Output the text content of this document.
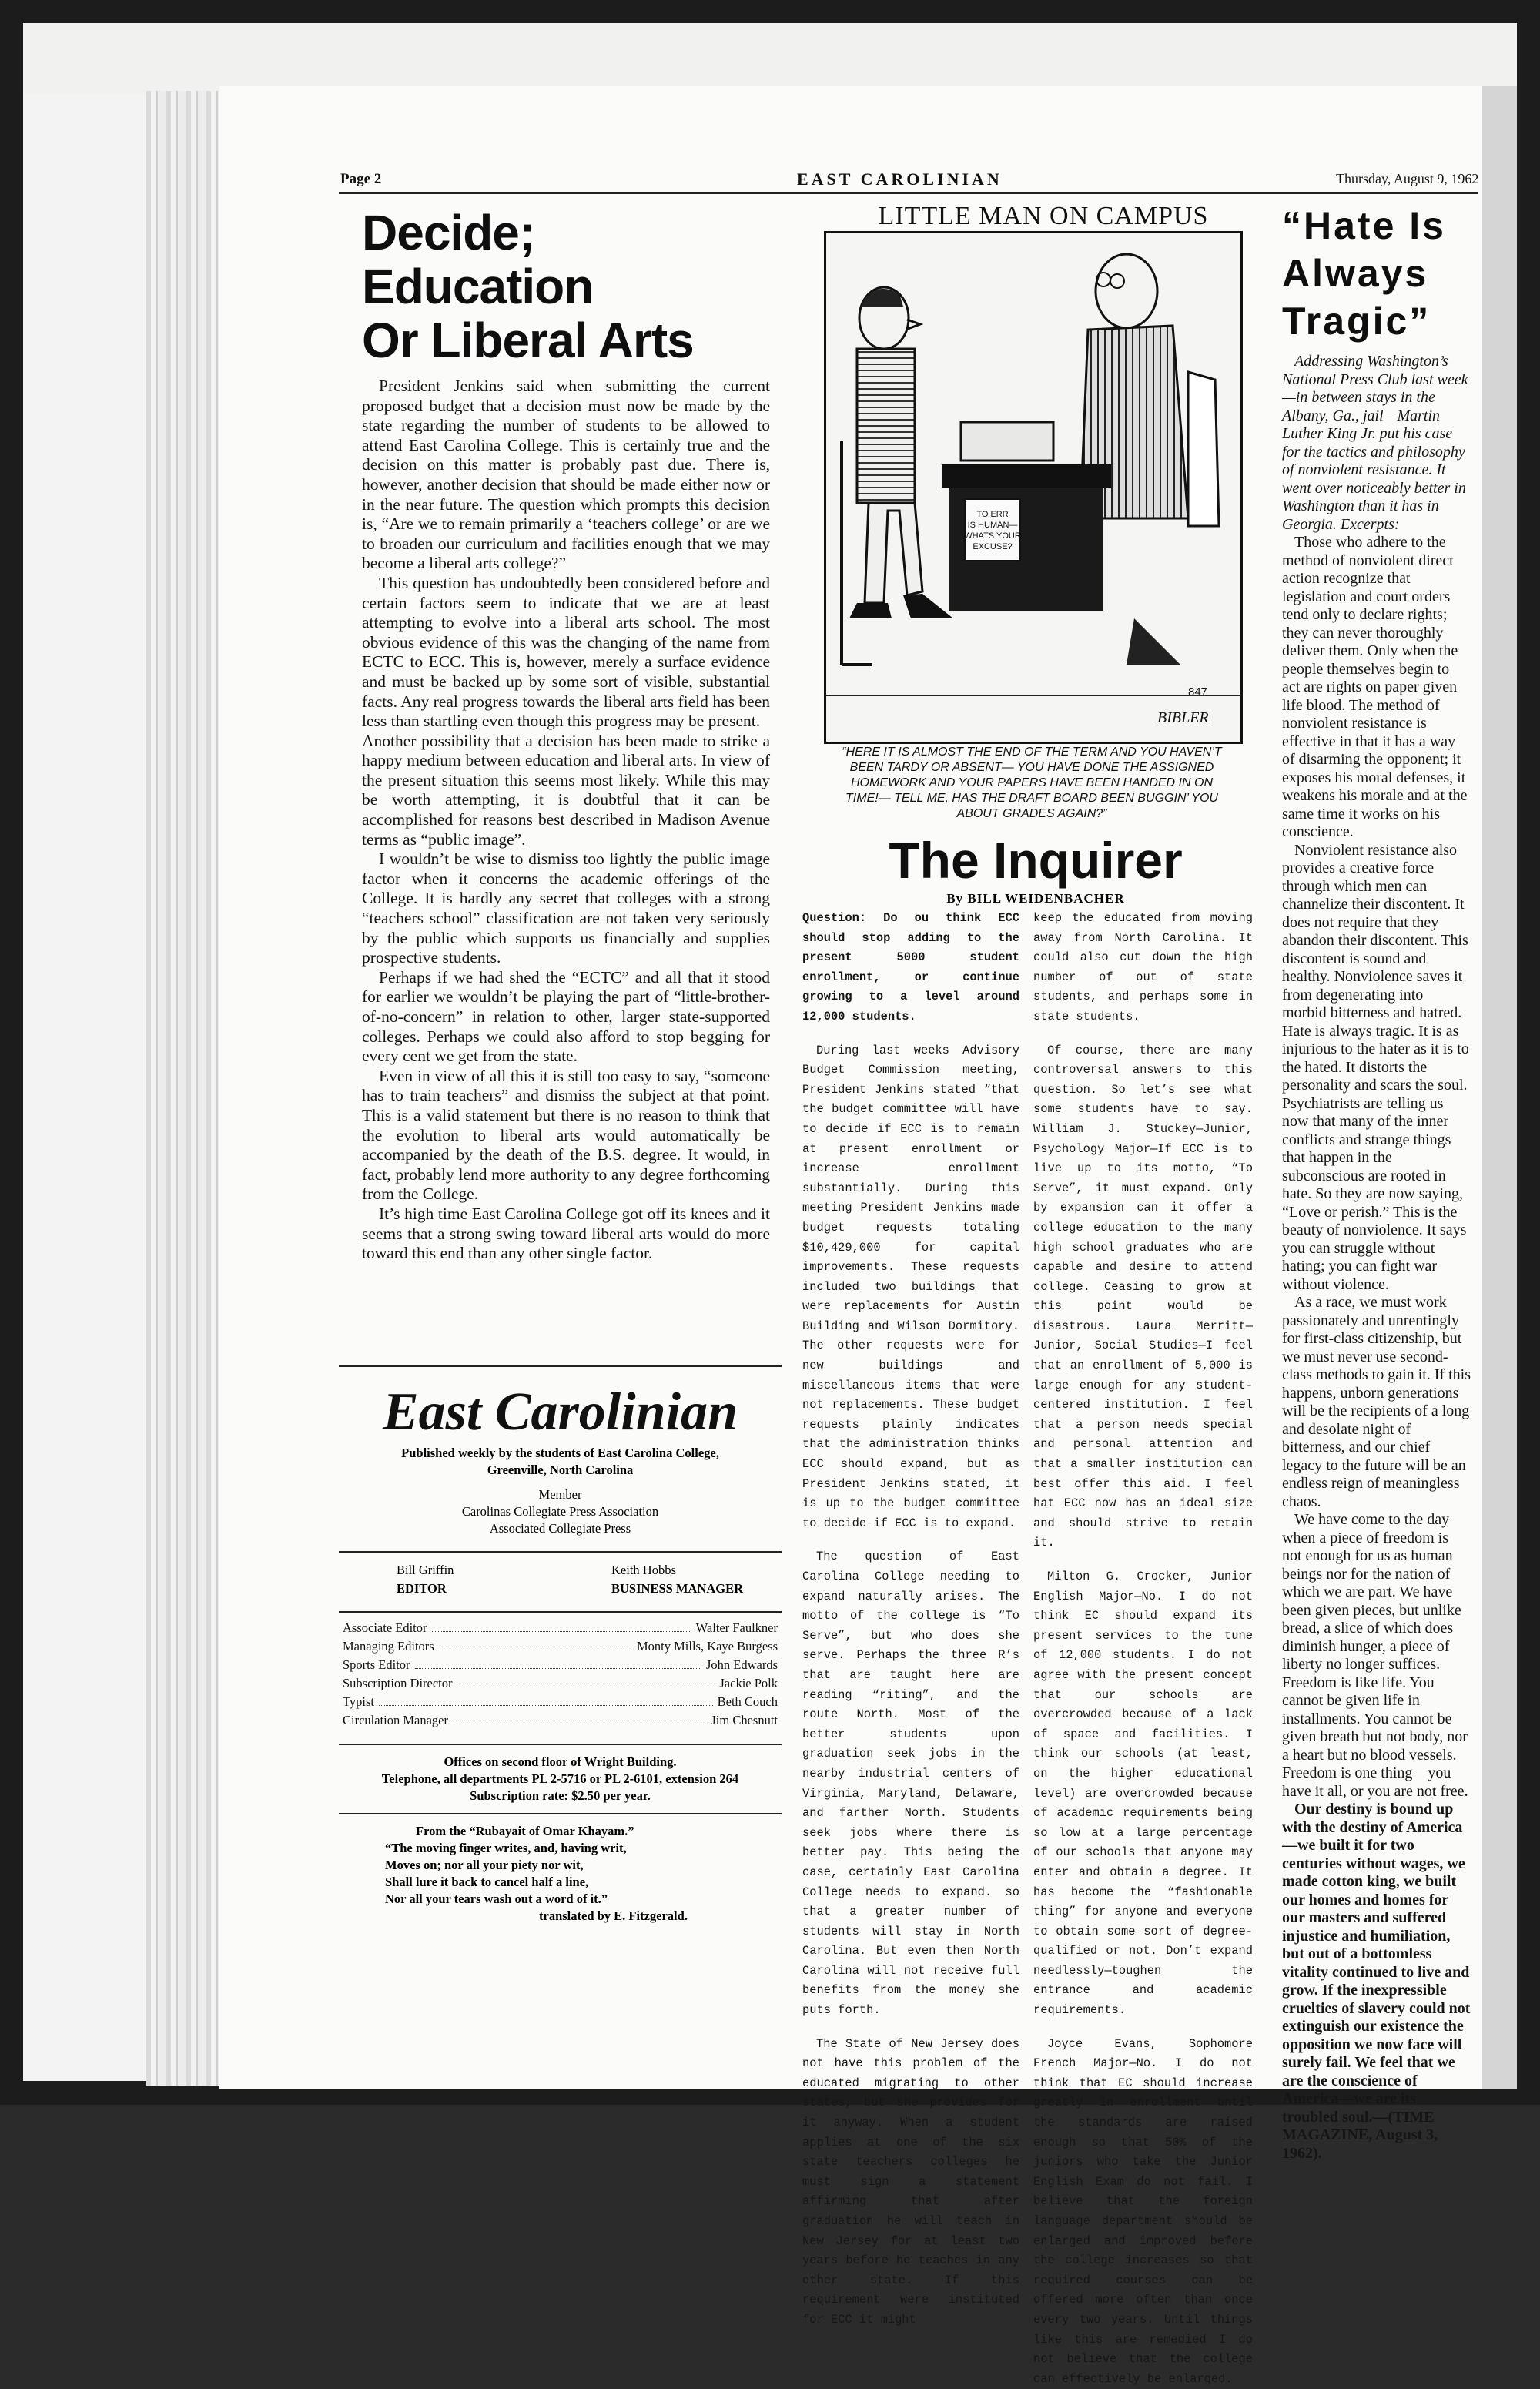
Page 2	EAST CAROLINIAN	Thursday, August 9, 1962
Decide; Education
Or Liberal Arts

President Jenkins said when submitting the current proposed budget that a decision must now be made by the state regarding the number of students to be allowed to attend East Carolina College. This is certainly true and the decision on this matter is probably past due. There is, however, another decision that should be made either now or in the near future. The question which prompts this decision is, “Are we to remain primarily a ‘teachers college’ or are we to broaden our curriculum and facilities enough that we may become a liberal arts college?”

This question has undoubtedly been considered before and certain factors seem to indicate that we are at least attempting to evolve into a liberal arts school. The most obvious evidence of this was the changing of the name from ECTC to ECC. This is, however, merely a surface evidence and must be backed up by some sort of visible, substantial facts. Any real progress towards the liberal arts field has been less than startling even though this progress may be present.

Another possibility that a decision has been made to strike a happy medium between education and liberal arts. In view of the present situation this seems most likely. While this may be worth attempting, it is doubtful that it can be accomplished for reasons best described in Madison Avenue terms as “public image”.

I wouldn’t be wise to dismiss too lightly the public image factor when it concerns the academic offerings of the College. It is hardly any secret that colleges with a strong “teachers school” classification are not taken very seriously by the public which supports us financially and supplies prospective students.

Perhaps if we had shed the “ECTC” and all that it stood for earlier we wouldn’t be playing the part of “little-brother-of-no-concern” in relation to other, larger state-supported colleges. Perhaps we could also afford to stop begging for every cent we get from the state.

Even in view of all this it is still too easy to say, “someone has to train teachers” and dismiss the subject at that point. This is a valid statement but there is no reason to think that the evolution to liberal arts would automatically be accompanied by the death of the B.S. degree. It would, in fact, probably lend more authority to any degree forthcoming from the College.

It’s high time East Carolina College got off its knees and it seems that a strong swing toward liberal arts would do more toward this end than any other single factor.

East Carolinian
Published weekly by the students of East Carolina College,
Greenville, North Carolina
Member
Carolinas Collegiate Press Association
Associated Collegiate Press
Bill Griffin
EDITOR
Keith Hobbs
BUSINESS MANAGER
Associate Editor	Walter Faulkner
Managing Editors	Monty Mills, Kaye Burgess
Sports Editor	John Edwards
Subscription Director	Jackie Polk
Typist	Beth Couch
Circulation Manager	Jim Chesnutt
Offices on second floor of Wright Building.
Telephone, all departments PL 2-5716 or PL 2-6101, extension 264
Subscription rate: $2.50 per year.
From the “Rubayait of Omar Khayam.”
“The moving finger writes, and, having writ,
Moves on; nor all your piety nor wit,
Shall lure it back to cancel half a line,
Nor all your tears wash out a word of it.”
translated by E. Fitzgerald.
LITTLE MAN ON CAMPUS
TO ERR
IS HUMAN—
WHATS YOUR
EXCUSE?
847
BIBLER
“HERE IT IS ALMOST THE END OF THE TERM AND YOU HAVEN’T BEEN TARDY OR ABSENT— YOU HAVE DONE THE ASSIGNED HOMEWORK AND YOUR PAPERS HAVE BEEN HANDED IN ON TIME!— TELL ME, HAS THE DRAFT BOARD BEEN BUGGIN’ YOU ABOUT GRADES AGAIN?”
The Inquirer
By BILL WEIDENBACHER

Question: Do ou think ECC should stop adding to the present 5000 student enrollment, or continue growing to a level around 12,000 students.

During last weeks Advisory Budget Commission meeting, President Jenkins stated “that the budget committee will have to decide if ECC is to remain at present enrollment or increase enrollment substantially. During this meeting President Jenkins made budget requests totaling $10,429,000 for capital improvements. These requests included two buildings that were replacements for Austin Building and Wilson Dormitory. The other requests were for new buildings and miscellaneous items that were not replacements. These budget requests plainly indicates that the administration thinks ECC should expand, but as President Jenkins stated, it is up to the budget committee to decide if ECC is to expand.

The question of East Carolina College needing to expand naturally arises. The motto of the college is “To Serve”, but who does she serve. Perhaps the three R’s that are taught here are reading “riting”, and the route North. Most of the better students upon graduation seek jobs in the nearby industrial centers of Virginia, Maryland, Delaware, and farther North. Students seek jobs where there is better pay. This being the case, certainly East Carolina College needs to expand. so that a greater number of students will stay in North Carolina. But even then North Carolina will not receive full benefits from the money she puts forth.

The State of New Jersey does not have this problem of the educated migrating to other states, but she provides for it anyway. When a student applies at one of the six state teachers colleges he must sign a statement affirming that after graduation he will teach in New Jersey for at least two years before he teaches in any other state. If this requirement were instituted for ECC it might

keep the educated from moving away from North Carolina. It could also cut down the high number of out of state students, and perhaps some in state students.

Of course, there are many controversal answers to this question. So let’s see what some students have to say. William J. Stuckey—Junior, Psychology Major—If ECC is to live up to its motto, “To Serve”, it must expand. Only by expansion can it offer a college education to the many high school graduates who are capable and desire to attend college. Ceasing to grow at this point would be disastrous. Laura Merritt—Junior, Social Studies—I feel that an enrollment of 5,000 is large enough for any student-centered institution. I feel that a person needs special and personal attention and that a smaller institution can best offer this aid. I feel hat ECC now has an ideal size and should strive to retain it.

Milton G. Crocker, Junior English Major—No. I do not think EC should expand its present services to the tune of 12,000 students. I do not agree with the present concept that our schools are overcrowded because of a lack of space and facilities. I think our schools (at least, on the higher educational level) are overcrowded because of academic requirements being so low at a large percentage of our schools that anyone may enter and obtain a degree. It has become the “fashionable thing” for anyone and everyone to obtain some sort of degree-qualified or not. Don’t expand needlessly—toughen the entrance and academic requirements.

Joyce Evans, Sophomore French Major—No. I do not think that EC should increase greatly in enrollment until the standards are raised enough so that 50% of the juniors who take the Junior English Exam do not fail. I believe that the foreign language department should be enlarged and improved before the college increases so that required courses can be offered more often than once every two years. Until things like this are remedied I do not believe that the college can effectively be enlarged.

“Hate Is
Always
Tragic”

Addressing Washington’s National Press Club last week —in between stays in the Albany, Ga., jail—Martin Luther King Jr. put his case for the tactics and philosophy of nonviolent resistance. It went over noticeably better in Washington than it has in Georgia. Excerpts:

Those who adhere to the method of nonviolent direct action recognize that legislation and court orders tend only to declare rights; they can never thoroughly deliver them. Only when the people themselves begin to act are rights on paper given life blood. The method of nonviolent resistance is effective in that it has a way of disarming the opponent; it exposes his moral defenses, it weakens his morale and at the same time it works on his conscience.

Nonviolent resistance also provides a creative force through which men can channelize their discontent. It does not require that they abandon their discontent. This discontent is sound and healthy. Nonviolence saves it from degenerating into morbid bitterness and hatred. Hate is always tragic. It is as injurious to the hater as it is to the hated. It distorts the personality and scars the soul. Psychiatrists are telling us now that many of the inner conflicts and strange things that happen in the subconscious are rooted in hate. So they are now saying, “Love or perish.” This is the beauty of nonviolence. It says you can struggle without hating; you can fight war without violence.

As a race, we must work passionately and unrentingly for first-class citizenship, but we must never use second-class methods to gain it. If this happens, unborn generations will be the recipients of a long and desolate night of bitterness, and our chief legacy to the future will be an endless reign of meaningless chaos.

We have come to the day when a piece of freedom is not enough for us as human beings nor for the nation of which we are part. We have been given pieces, but unlike bread, a slice of which does diminish hunger, a piece of liberty no longer suffices. Freedom is like life. You cannot be given life in installments. You cannot be given breath but not body, nor a heart but no blood vessels. Freedom is one thing—you have it all, or you are not free.

Our destiny is bound up with the destiny of America —we built it for two centuries without wages, we made cotton king, we built our homes and homes for our masters and suffered injustice and humiliation, but out of a bottomless vitality continued to live and grow. If the inexpressible cruelties of slavery could not extinguish our existence the opposition we now face will surely fail. We feel that we are the conscience of America—we are its troubled soul.—(TIME MAGAZINE, August 3, 1962).
